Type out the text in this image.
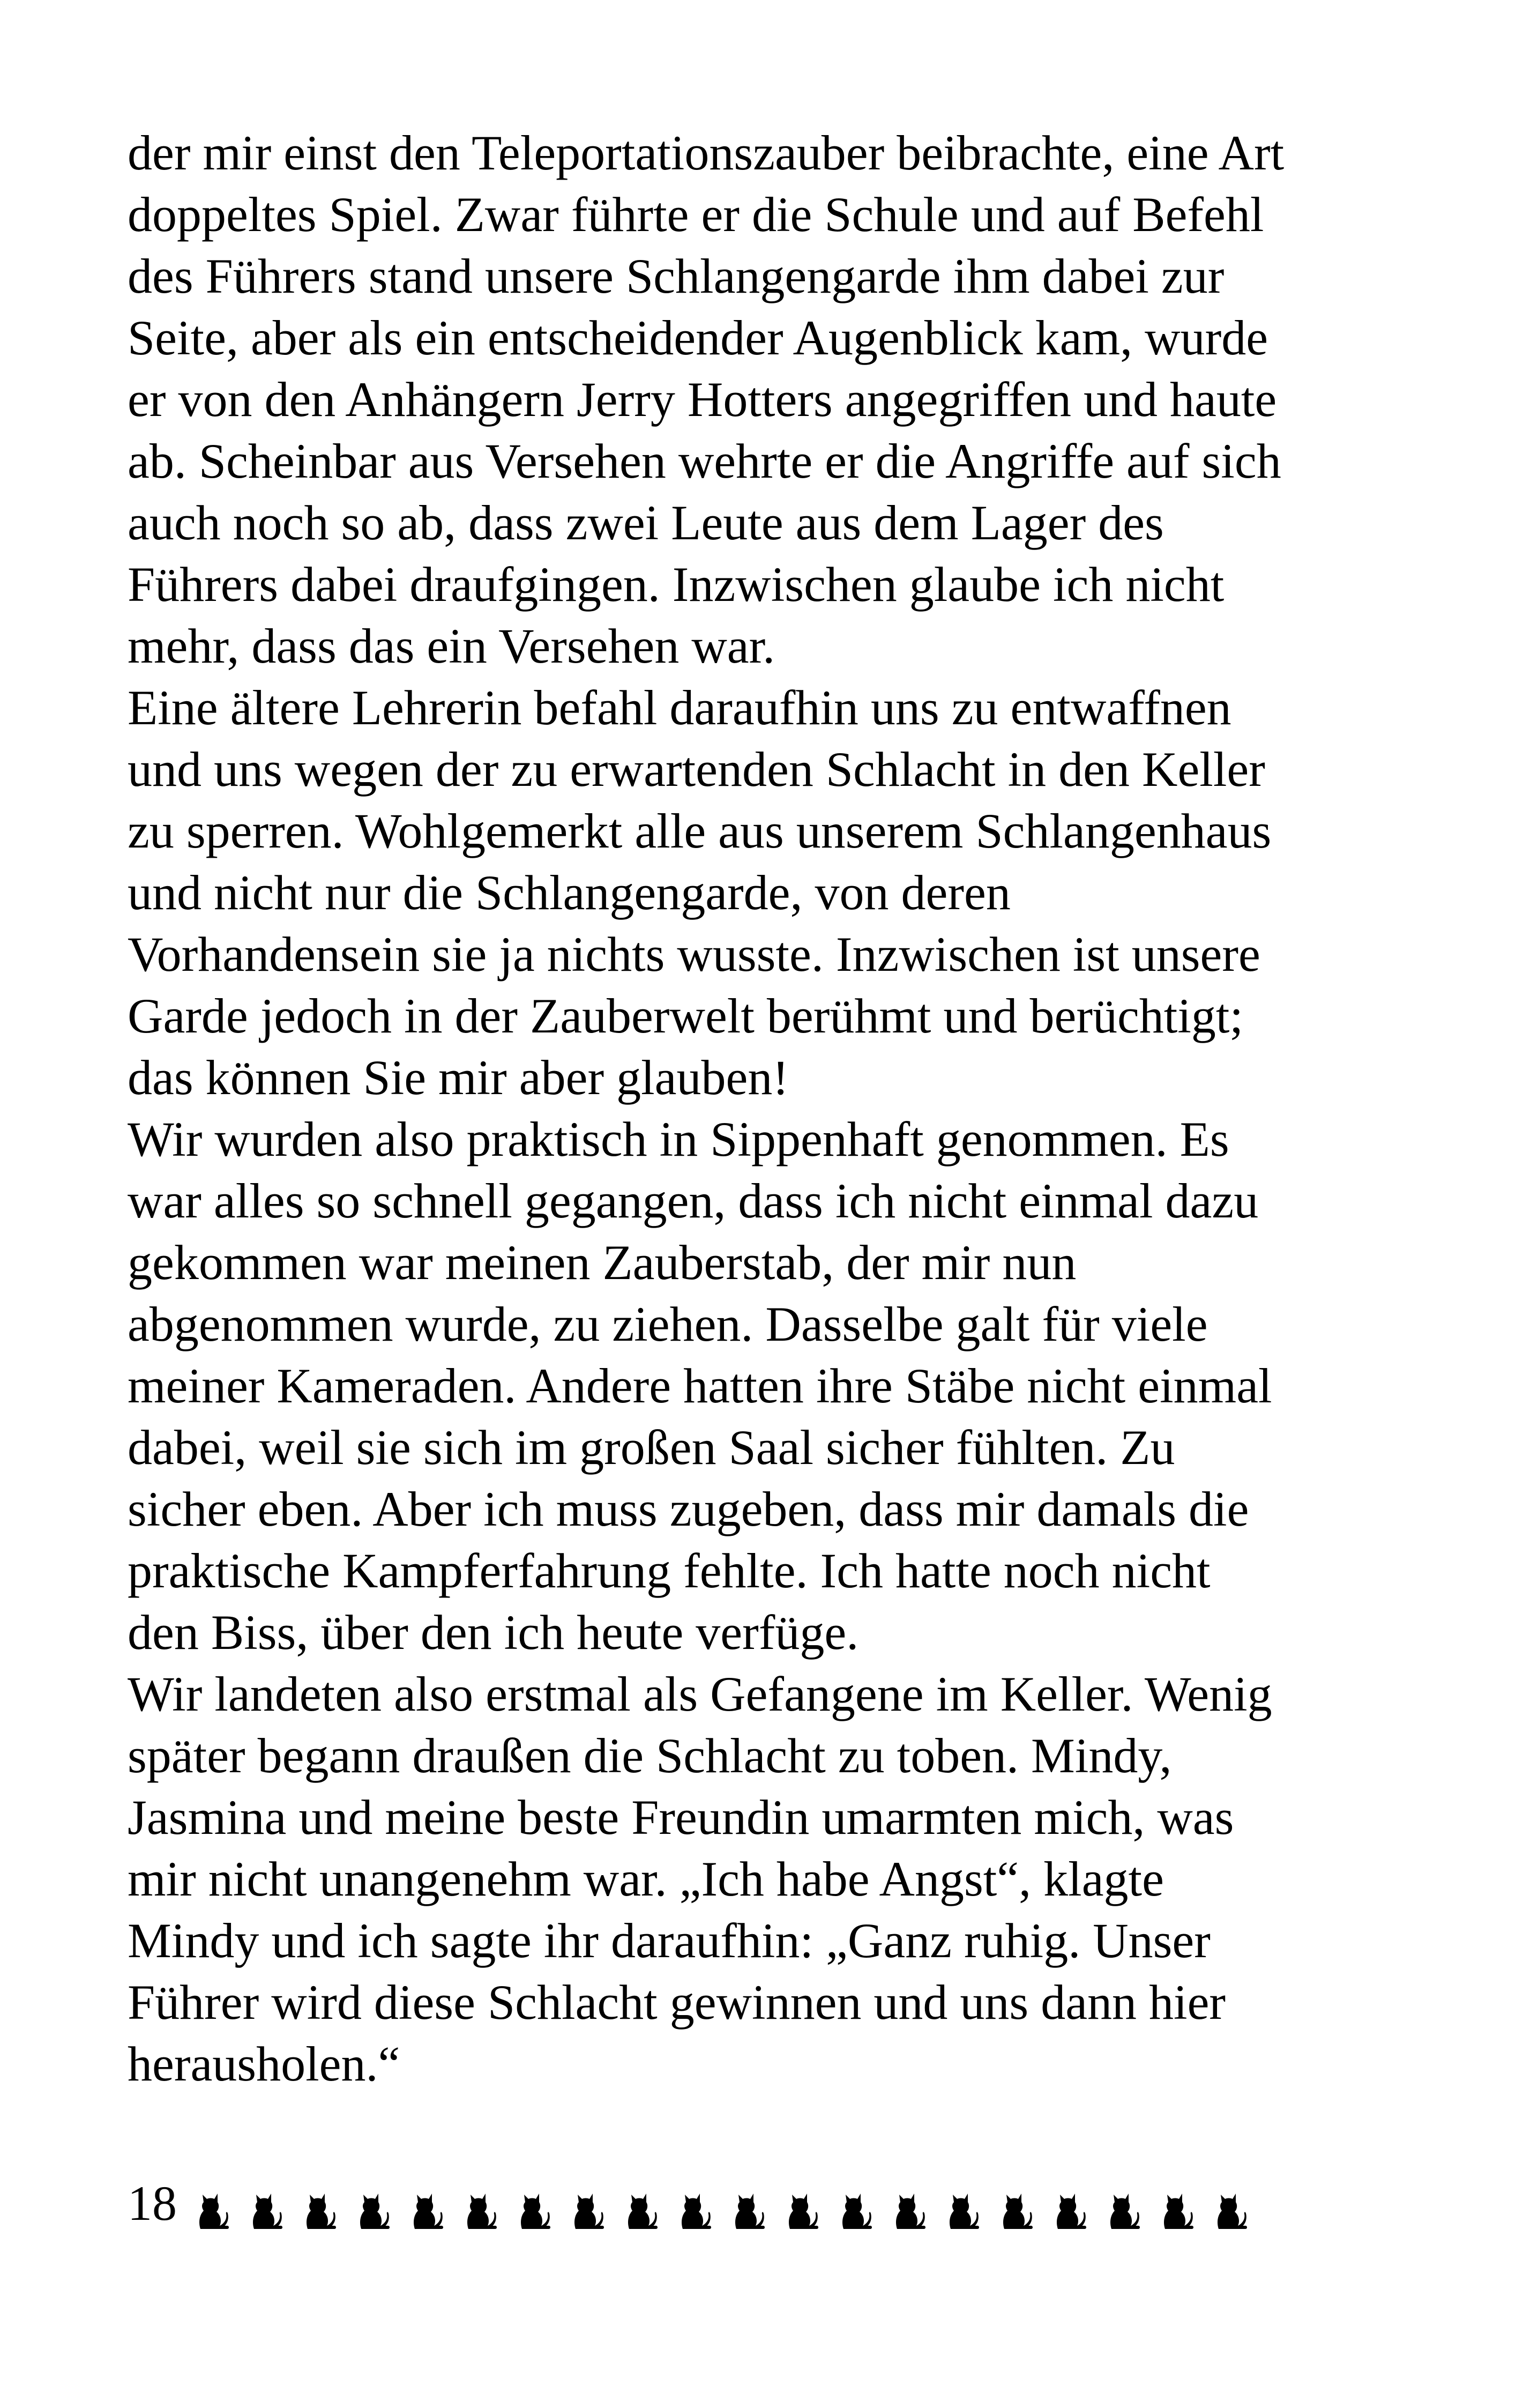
der mir einst den Teleportationszauber beibrachte, eine Art
doppeltes Spiel. Zwar führte er die Schule und auf Befehl
des Führers stand unsere Schlangengarde ihm dabei zur
Seite, aber als ein entscheidender Augenblick kam, wurde
er von den Anhängern Jerry Hotters angegriffen und haute
ab. Scheinbar aus Versehen wehrte er die Angriffe auf sich
auch noch so ab, dass zwei Leute aus dem Lager des
Führers dabei draufgingen. Inzwischen glaube ich nicht
mehr, dass das ein Versehen war.
Eine ältere Lehrerin befahl daraufhin uns zu entwaffnen
und uns wegen der zu erwartenden Schlacht in den Keller
zu sperren. Wohlgemerkt alle aus unserem Schlangenhaus
und nicht nur die Schlangengarde, von deren
Vorhandensein sie ja nichts wusste. Inzwischen ist unsere
Garde jedoch in der Zauberwelt berühmt und berüchtigt;
das können Sie mir aber glauben!
Wir wurden also praktisch in Sippenhaft genommen. Es
war alles so schnell gegangen, dass ich nicht einmal dazu
gekommen war meinen Zauberstab, der mir nun
abgenommen wurde, zu ziehen. Dasselbe galt für viele
meiner Kameraden. Andere hatten ihre Stäbe nicht einmal
dabei, weil sie sich im großen Saal sicher fühlten. Zu
sicher eben. Aber ich muss zugeben, dass mir damals die
praktische Kampferfahrung fehlte. Ich hatte noch nicht
den Biss, über den ich heute verfüge.
Wir landeten also erstmal als Gefangene im Keller. Wenig
später begann draußen die Schlacht zu toben. Mindy,
Jasmina und meine beste Freundin umarmten mich, was
mir nicht unangenehm war. „Ich habe Angst“, klagte
Mindy und ich sagte ihr daraufhin: „Ganz ruhig. Unser
Führer wird diese Schlacht gewinnen und uns dann hier
herausholen.“
18
